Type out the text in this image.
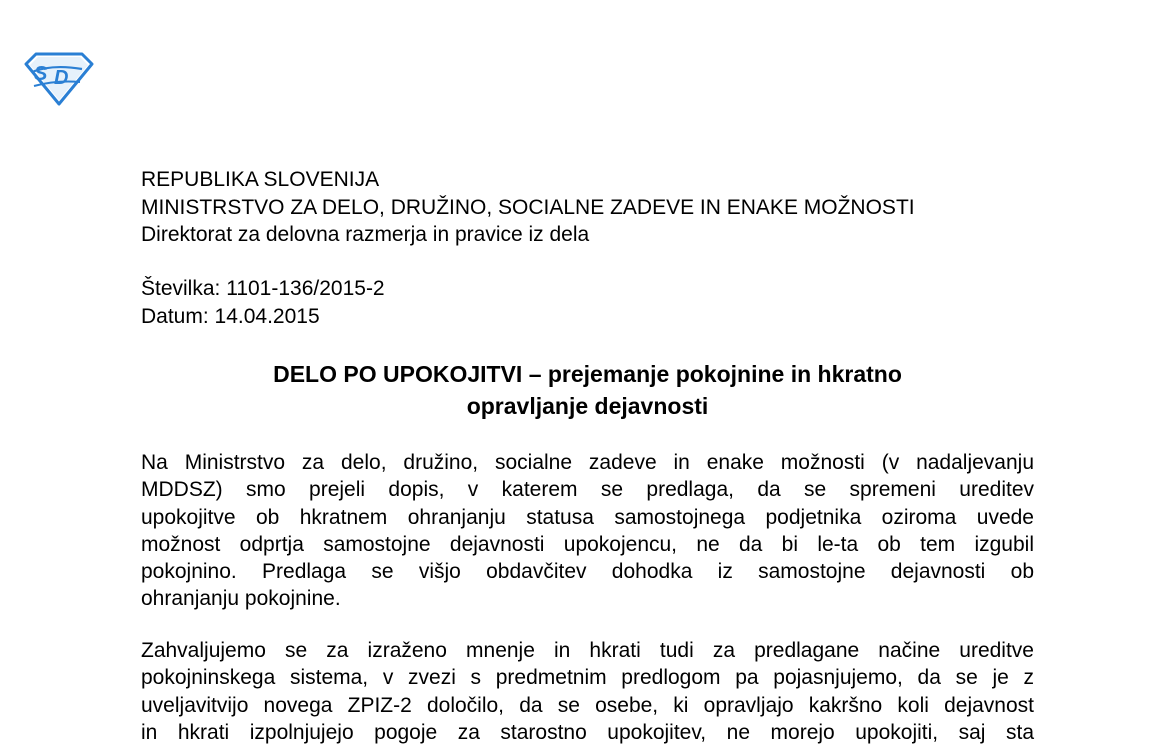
S D
REPUBLIKA SLOVENIJA
MINISTRSTVO ZA DELO, DRUŽINO, SOCIALNE ZADEVE IN ENAKE MOŽNOSTI
Direktorat za delovna razmerja in pravice iz dela
Številka: 1101-136/2015-2
Datum: 14.04.2015
DELO PO UPOKOJITVI – prejemanje pokojnine in hkratno
opravljanje dejavnosti
Na Ministrstvo za delo, družino, socialne zadeve in enake možnosti (v nadaljevanju
MDDSZ) smo prejeli dopis, v katerem se predlaga, da se spremeni ureditev
upokojitve ob hkratnem ohranjanju statusa samostojnega podjetnika oziroma uvede
možnost odprtja samostojne dejavnosti upokojencu, ne da bi le-ta ob tem izgubil
pokojnino. Predlaga se višjo obdavčitev dohodka iz samostojne dejavnosti ob
ohranjanju pokojnine.
Zahvaljujemo se za izraženo mnenje in hkrati tudi za predlagane načine ureditve
pokojninskega sistema, v zvezi s predmetnim predlogom pa pojasnjujemo, da se je z
uveljavitvijo novega ZPIZ-2 določilo, da se osebe, ki opravljajo kakršno koli dejavnost
in hkrati izpolnjujejo pogoje za starostno upokojitev, ne morejo upokojiti, saj sta
